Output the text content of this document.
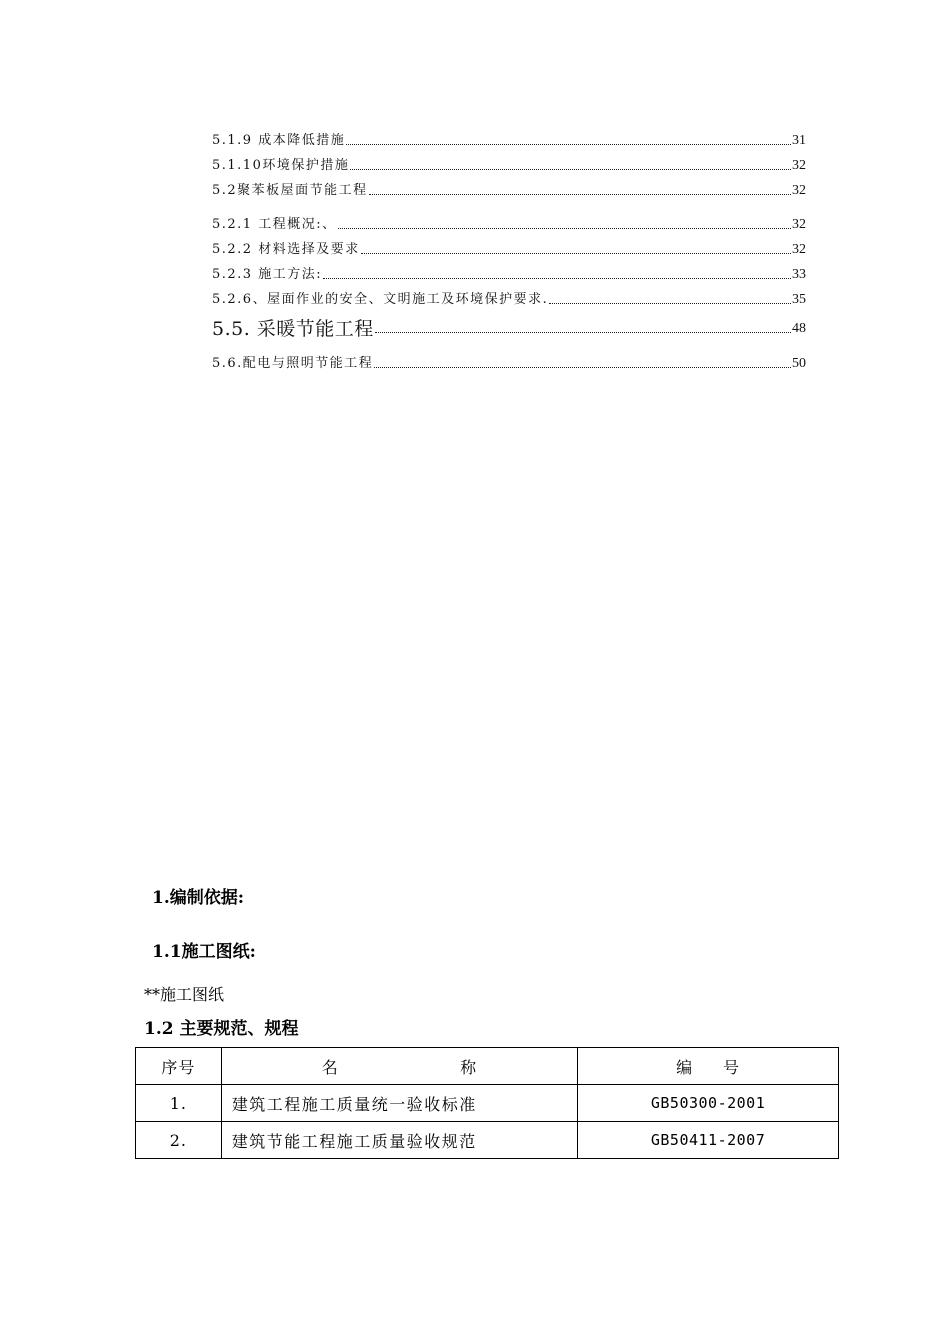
5.1.9 成本降低措施	31
5.1.10环境保护措施	32
5.2聚苯板屋面节能工程	32
5.2.1 工程概况:、	32
5.2.2 材料选择及要求	32
5.2.3 施工方法:	33
5.2.6、屋面作业的安全、文明施工及环境保护要求.	35
5.5. 采暖节能工程	48
5.6.配电与照明节能工程	50
1.编制依据:
1.1施工图纸:
**施工图纸
1.2 主要规范、规程
序号	名 称	编 号

1.	建筑工程施工质量统一验收标准	GB50300-2001
2.	建筑节能工程施工质量验收规范	GB50411-2007
